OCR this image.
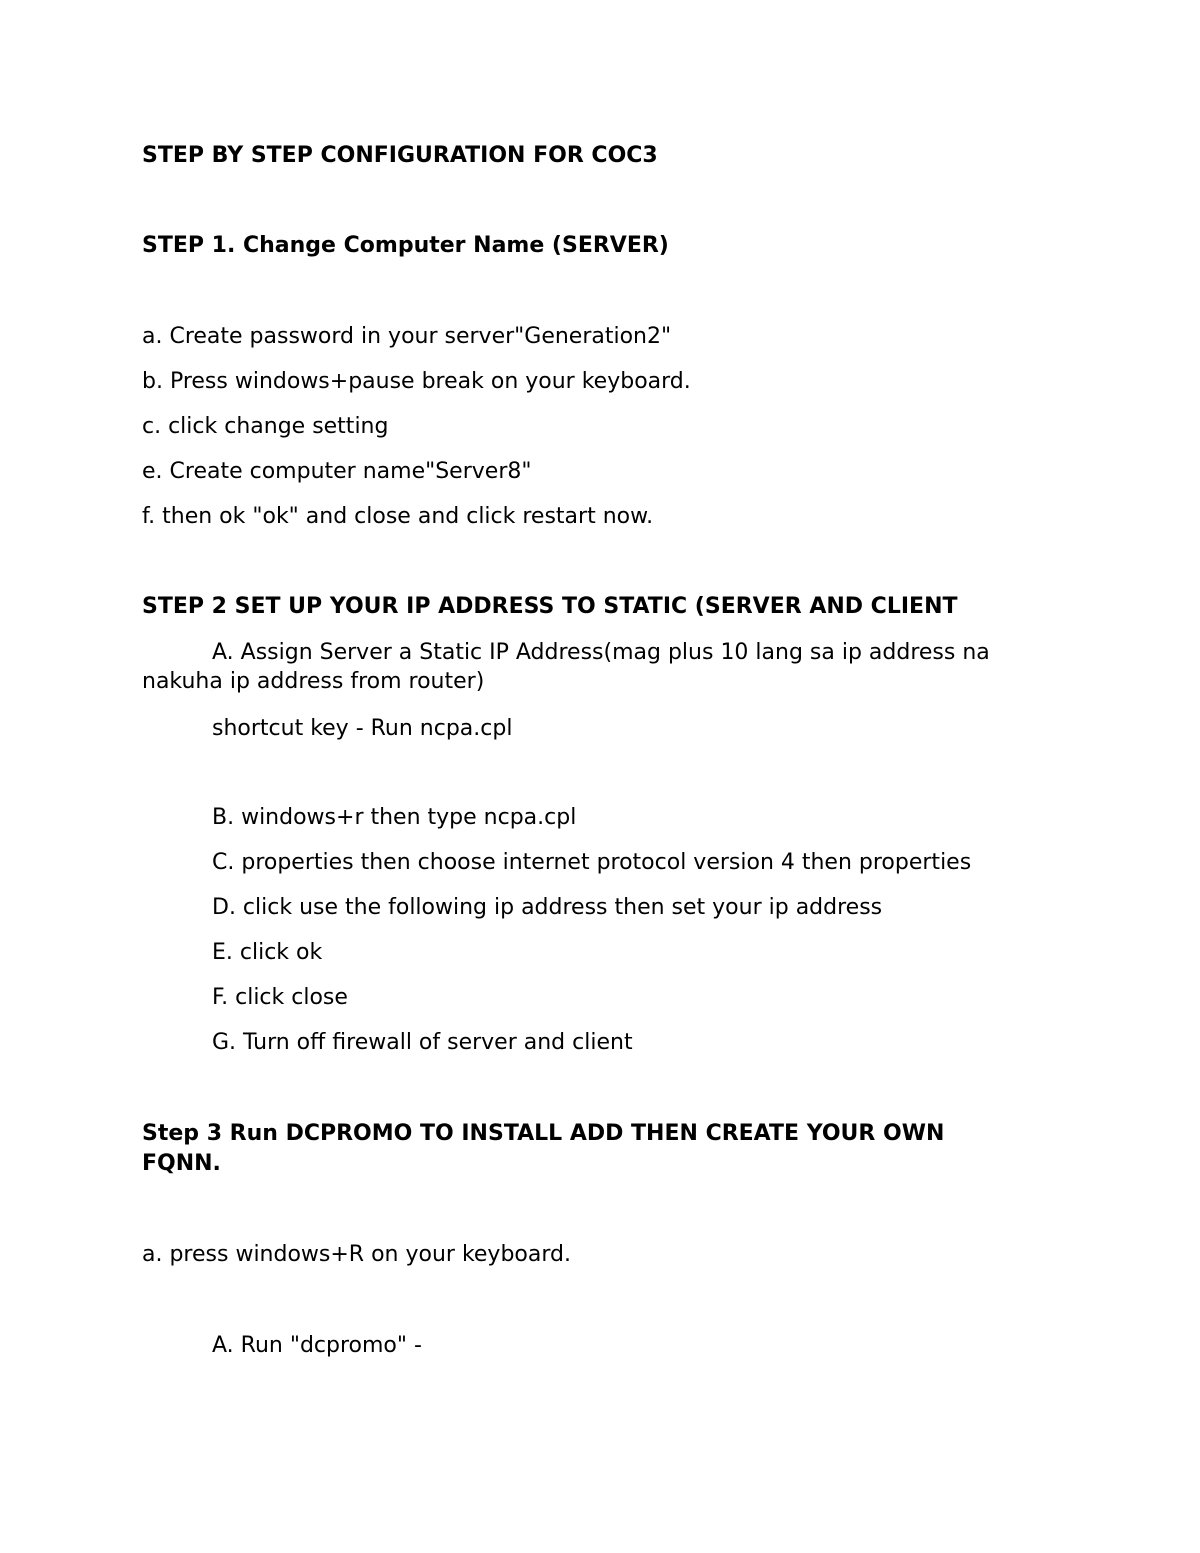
STEP BY STEP CONFIGURATION FOR COC3

STEP 1. Change Computer Name (SERVER)

a. Create password in your server"Generation2"

b. Press windows+pause break on your keyboard.

c. click change setting

e. Create computer name"Server8"

f. then ok "ok" and close and click restart now.

STEP 2 SET UP YOUR IP ADDRESS TO STATIC (SERVER AND CLIENT

A. Assign Server a Static IP Address(mag plus 10 lang sa ip address na

nakuha ip address from router)

shortcut key - Run ncpa.cpl

B. windows+r then type ncpa.cpl

C. properties then choose internet protocol version 4 then properties

D. click use the following ip address then set your ip address

E. click ok

F. click close

G. Turn off firewall of server and client

Step 3 Run DCPROMO TO INSTALL ADD THEN CREATE YOUR OWN

FQNN.

a. press windows+R on your keyboard.

A. Run "dcpromo" -
